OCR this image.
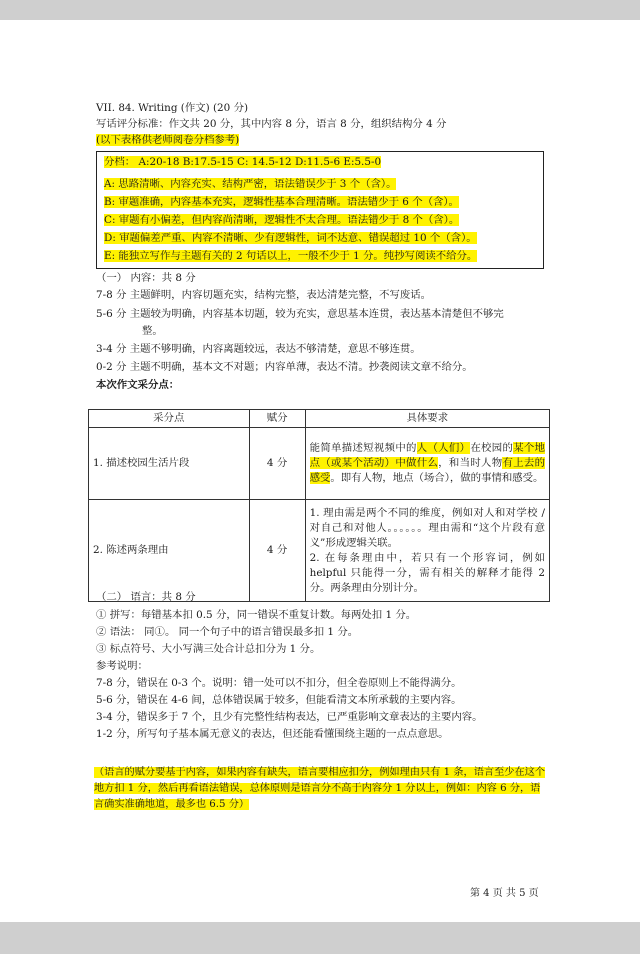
VII. 84. Writing (作文) (20 分)
写话评分标准：作文共 20 分，其中内容 8 分，语言 8 分，组织结构分 4 分
(以下表格供老师阅卷分档参考)
分档： A:20-18 B:17.5-15 C: 14.5-12 D:11.5-6 E:5.5-0
A: 思路清晰、内容充实、结构严密，语法错误少于 3 个（含）。
B: 审题准确，内容基本充实，逻辑性基本合理清晰。语法错少于 6 个（含）。
C: 审题有小偏差，但内容尚清晰，逻辑性不太合理。语法错少于 8 个（含）。
D: 审题偏差严重、内容不清晰、少有逻辑性，词不达意、错误超过 10 个（含）。
E: 能独立写作与主题有关的 2 句话以上，一般不少于 1 分。纯抄写阅读不给分。
（一） 内容：共 8 分
7-8 分 主题鲜明，内容切题充实，结构完整，表达清楚完整，不写废话。
5-6 分 主题较为明确，内容基本切题，较为充实，意思基本连贯，表达基本清楚但不够完
整。
3-4 分 主题不够明确，内容离题较远，表达不够清楚，意思不够连贯。
0-2 分 主题不明确，基本文不对题；内容单薄，表达不清。抄袭阅读文章不给分。
本次作文采分点：
采分点	赋分	具体要求
1. 描述校园生活片段	4 分	能简单描述短视频中的人（人们）在校园的某个地点（或某个活动）中做什么，和当时人物有上去的感受。即有人物，地点（场合），做的事情和感受。
2. 陈述两条理由	4 分	1. 理由需是两个不同的维度，例如对人和对学校 / 对自己和对他人。。。。。。理由需和“这个片段有意义”形成逻辑关联。
2. 在每条理由中，若只有一个形容词，例如 helpful 只能得一分，需有相关的解释才能得 2 分。两条理由分别计分。
（二） 语言：共 8 分
① 拼写：每错基本扣 0.5 分，同一错误不重复计数。每两处扣 1 分。
② 语法： 同①。 同一个句子中的语言错误最多扣 1 分。
③ 标点符号、大小写满三处合计总扣分为 1 分。
参考说明：
7-8 分，错误在 0-3 个。说明：错一处可以不扣分，但全卷原则上不能得满分。
5-6 分，错误在 4-6 间，总体错误属于较多，但能看清文本所承载的主要内容。
3-4 分，错误多于 7 个，且少有完整性结构表达，已严重影响文章表达的主要内容。
1-2 分，所写句子基本属无意义的表达，但还能看懂围绕主题的一点点意思。
（语言的赋分要基于内容，如果内容有缺失，语言要相应扣分，例如理由只有 1 条，语言至少在这个地方扣 1 分，然后再看语法错误，总体原则是语言分不高于内容分 1 分以上，例如：内容 6 分，语言确实准确地道，最多也 6.5 分）
第 4 页 共 5 页
